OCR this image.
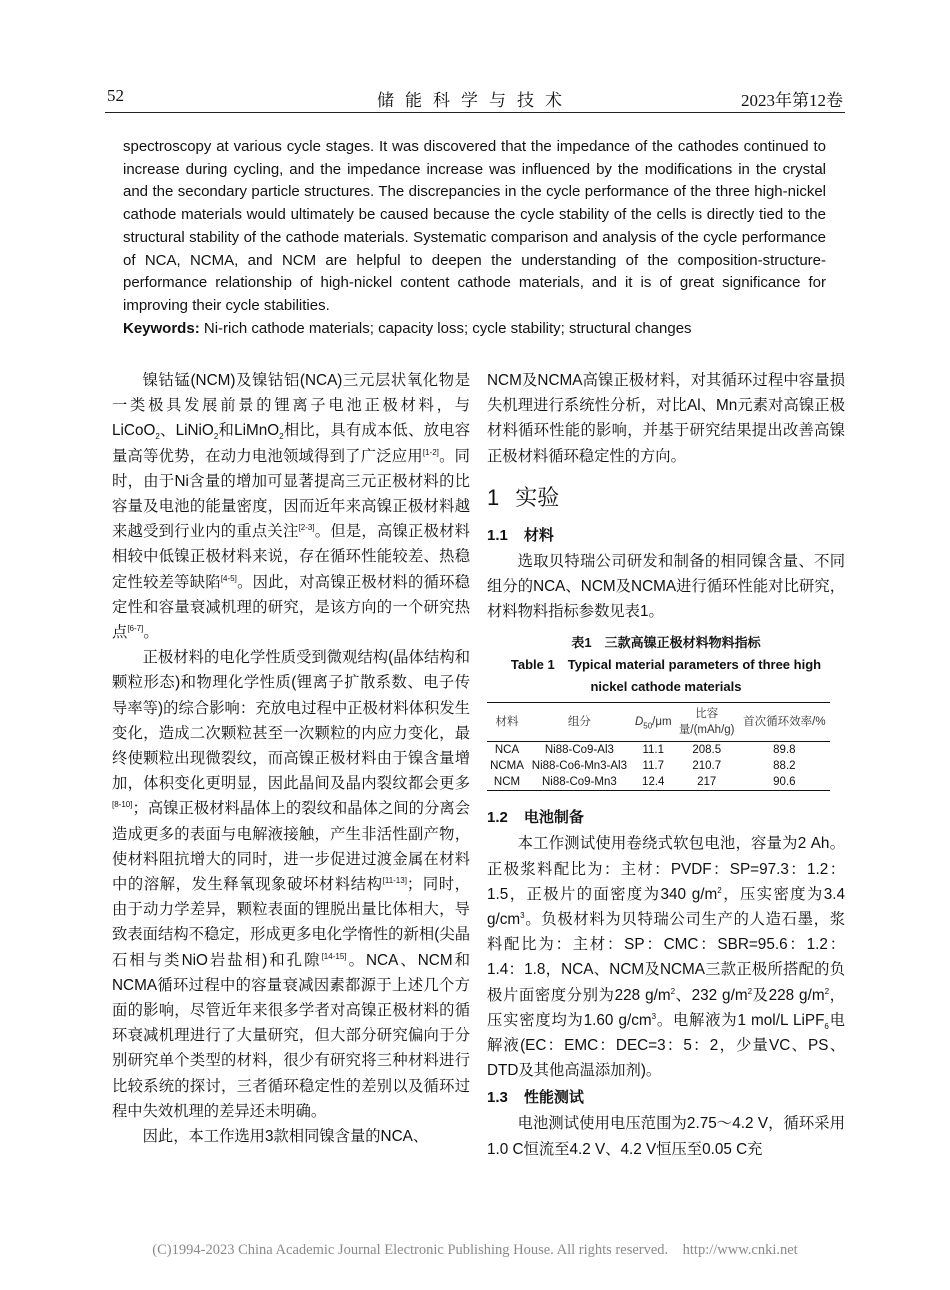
52	储能科学与技术	2023年第12卷

spectroscopy at various cycle stages. It was discovered that the impedance of the cathodes continued to increase during cycling, and the impedance increase was influenced by the modifications in the crystal and the secondary particle structures. The discrepancies in the cycle performance of the three high-nickel cathode materials would ultimately be caused because the cycle stability of the cells is directly tied to the structural stability of the cathode materials. Systematic comparison and analysis of the cycle performance of NCA, NCMA, and NCM are helpful to deepen the understanding of the composition-structure-performance relationship of high-nickel content cathode materials, and it is of great significance for improving their cycle stabilities.

Keywords: Ni-rich cathode materials; capacity loss; cycle stability; structural changes

镍钴锰(NCM)及镍钴铝(NCA)三元层状氧化物是一类极具发展前景的锂离子电池正极材料，与LiCoO$_2$、LiNiO$_2$和LiMnO$_2$相比，具有成本低、放电容量高等优势，在动力电池领域得到了广泛应用[1-2]。同时，由于Ni含量的增加可显著提高三元正极材料的比容量及电池的能量密度，因而近年来高镍正极材料越来越受到行业内的重点关注[2-3]。但是，高镍正极材料相较中低镍正极材料来说，存在循环性能较差、热稳定性较差等缺陷[4-5]。因此，对高镍正极材料的循环稳定性和容量衰减机理的研究，是该方向的一个研究热点[6-7]。

正极材料的电化学性质受到微观结构(晶体结构和颗粒形态)和物理化学性质(锂离子扩散系数、电子传导率等)的综合影响：充放电过程中正极材料体积发生变化，造成二次颗粒甚至一次颗粒的内应力变化，最终使颗粒出现微裂纹，而高镍正极材料由于镍含量增加，体积变化更明显，因此晶间及晶内裂纹都会更多[8-10]；高镍正极材料晶体上的裂纹和晶体之间的分离会造成更多的表面与电解液接触，产生非活性副产物，使材料阻抗增大的同时，进一步促进过渡金属在材料中的溶解，发生释氧现象破坏材料结构[11-13]；同时，由于动力学差异，颗粒表面的锂脱出量比体相大，导致表面结构不稳定，形成更多电化学惰性的新相(尖晶石相与类NiO岩盐相)和孔隙[14-15]。NCA、NCM和NCMA循环过程中的容量衰减因素都源于上述几个方面的影响，尽管近年来很多学者对高镍正极材料的循环衰减机理进行了大量研究，但大部分研究偏向于分别研究单个类型的材料，很少有研究将三种材料进行比较系统的探讨，三者循环稳定性的差别以及循环过程中失效机理的差异还未明确。

因此，本工作选用3款相同镍含量的NCA、

NCM及NCMA高镍正极材料，对其循环过程中容量损失机理进行系统性分析，对比Al、Mn元素对高镍正极材料循环性能的影响，并基于研究结果提出改善高镍正极材料循环稳定性的方向。

1 实验
1.1 材料

选取贝特瑞公司研发和制备的相同镍含量、不同组分的NCA、NCM及NCMA进行循环性能对比研究，材料物料指标参数见表1。

表1　三款高镍正极材料物料指标
Table 1　Typical material parameters of three high nickel cathode materials
材料	组分	$D_{50}/\mu m$	比容量/(mAh/g)	首次循环效率/%
NCA	Ni88-Co9-Al3	11.1	208.5	89.8
NCMA	Ni88-Co6-Mn3-Al3	11.7	210.7	88.2
NCM	Ni88-Co9-Mn3	12.4	217	90.6
1.2 电池制备

本工作测试使用卷绕式软包电池，容量为2 Ah。正极浆料配比为：主材：PVDF：SP=97.3：1.2：1.5，正极片的面密度为340 $g/m^2$，压实密度为3.4 $g/cm^3$。负极材料为贝特瑞公司生产的人造石墨，浆料配比为：主材：SP：CMC：SBR=95.6：1.2：1.4：1.8，NCA、NCM及NCMA三款正极所搭配的负极片面密度分别为228 $g/m^2$、232 $g/m^2$及228 $g/m^2$，压实密度均为1.60 $g/cm^3$。电解液为1 mol/L LiPF$_6$电解液(EC：EMC：DEC=3：5：2，少量VC、PS、DTD及其他高温添加剂)。

1.3 性能测试

电池测试使用电压范围为2.75～4.2 V，循环采用1.0 C恒流至4.2 V、4.2 V恒压至0.05 C充

(C)1994-2023 China Academic Journal Electronic Publishing House. All rights reserved.    http://www.cnki.net
